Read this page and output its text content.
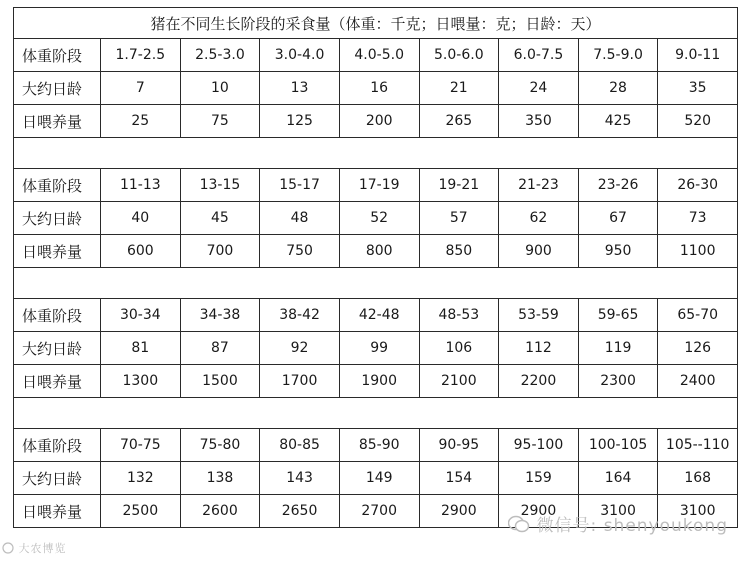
猪在不同生长阶段的采食量（体重：千克；日喂量：克；日龄：天）								
体重阶段	1.7-2.5	2.5-3.0	3.0-4.0	4.0-5.0	5.0-6.0	6.0-7.5	7.5-9.0	9.0-11
大约日龄	7	10	13	16	21	24	28	35
日喂养量	25	75	125	200	265	350	425	520

体重阶段	11-13	13-15	15-17	17-19	19-21	21-23	23-26	26-30
大约日龄	40	45	48	52	57	62	67	73
日喂养量	600	700	750	800	850	900	950	1100

体重阶段	30-34	34-38	38-42	42-48	48-53	53-59	59-65	65-70
大约日龄	81	87	92	99	106	112	119	126
日喂养量	1300	1500	1700	1900	2100	2200	2300	2400

体重阶段	70-75	75-80	80-85	85-90	90-95	95-100	100-105	105--110
大约日龄	132	138	143	149	154	159	164	168
日喂养量	2500	2600	2650	2700	2900	2900	3100	3100
微信号: shenyoukong
大农博览
